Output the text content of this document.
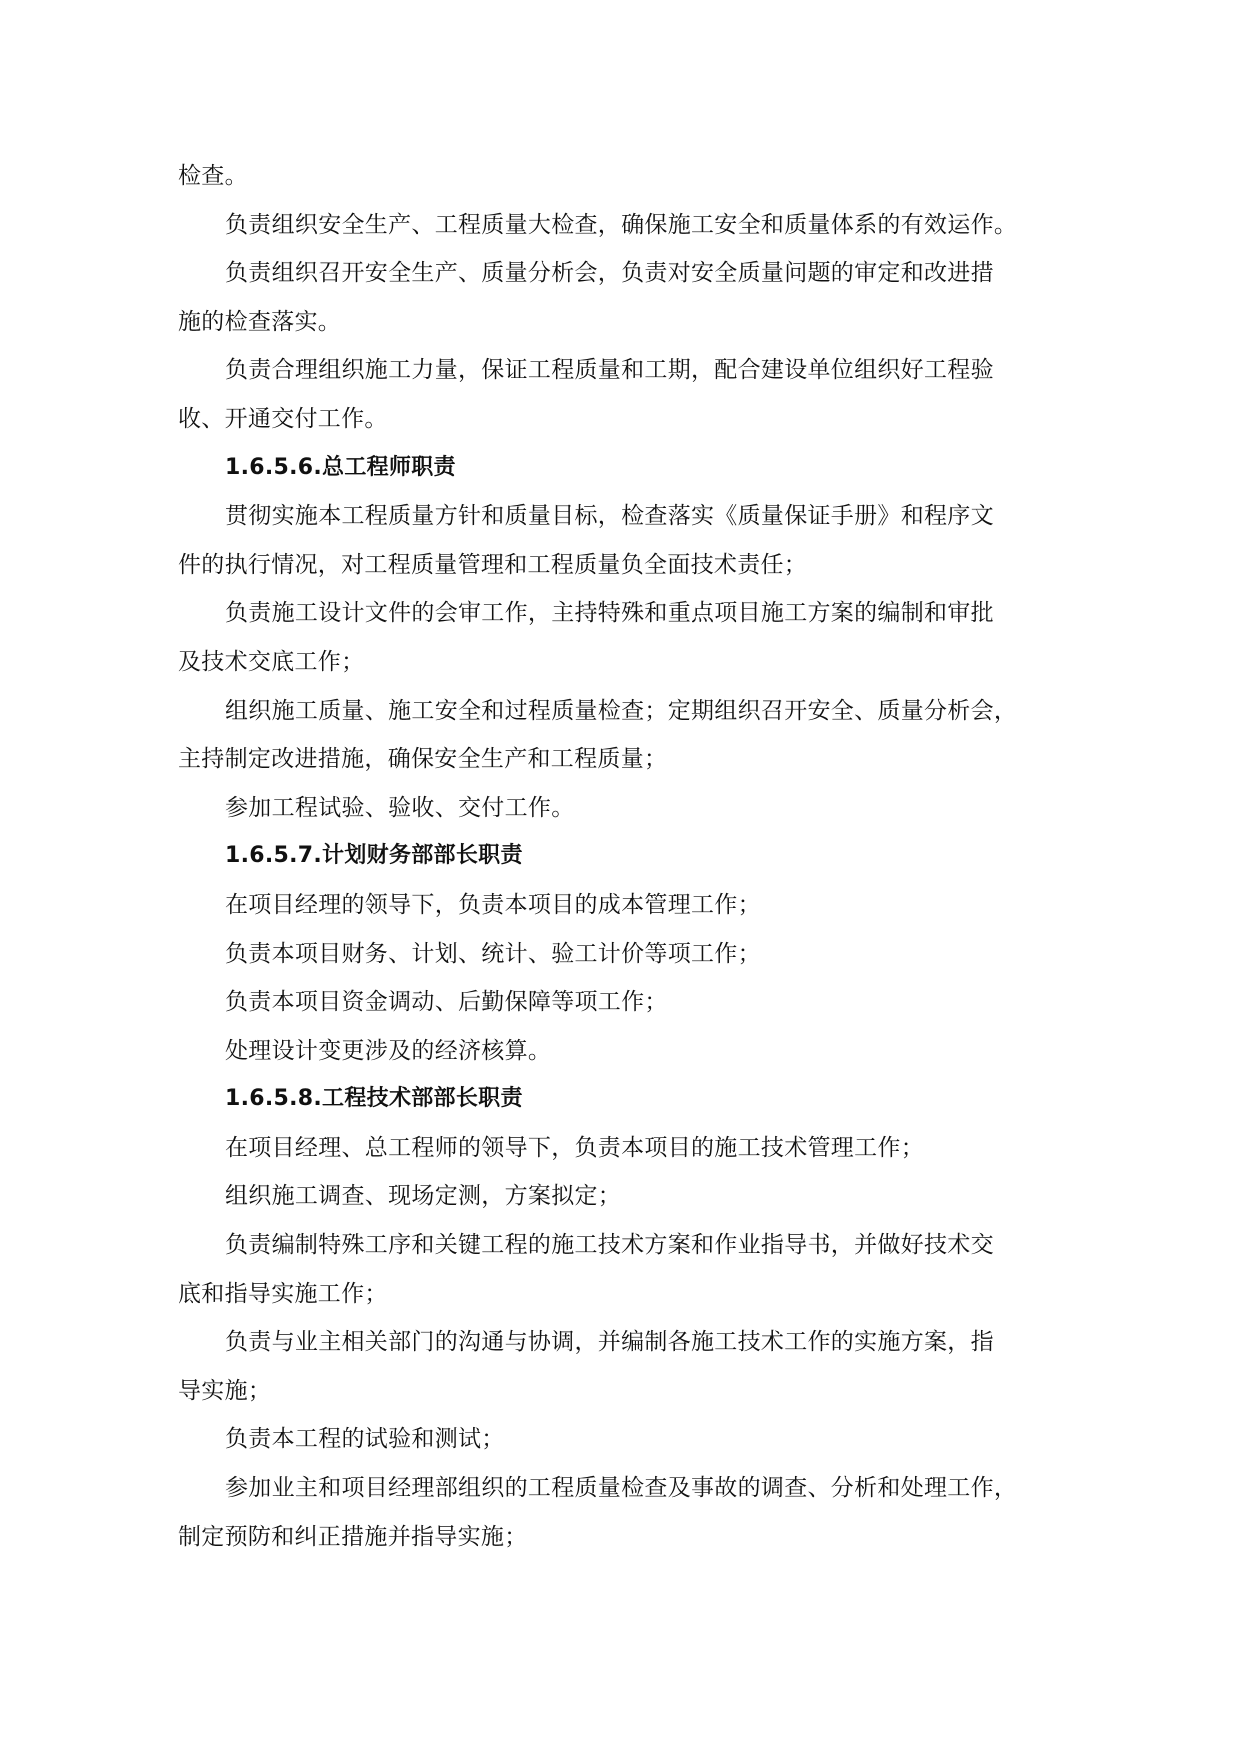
检查。
负责组织安全生产、工程质量大检查，确保施工安全和质量体系的有效运作。
负责组织召开安全生产、质量分析会，负责对安全质量问题的审定和改进措
施的检查落实。
负责合理组织施工力量，保证工程质量和工期，配合建设单位组织好工程验
收、开通交付工作。
1.6.5.6.总工程师职责
贯彻实施本工程质量方针和质量目标，检查落实《质量保证手册》和程序文
件的执行情况，对工程质量管理和工程质量负全面技术责任；
负责施工设计文件的会审工作，主持特殊和重点项目施工方案的编制和审批
及技术交底工作；
组织施工质量、施工安全和过程质量检查；定期组织召开安全、质量分析会，
主持制定改进措施，确保安全生产和工程质量；
参加工程试验、验收、交付工作。
1.6.5.7.计划财务部部长职责
在项目经理的领导下，负责本项目的成本管理工作；
负责本项目财务、计划、统计、验工计价等项工作；
负责本项目资金调动、后勤保障等项工作；
处理设计变更涉及的经济核算。
1.6.5.8.工程技术部部长职责
在项目经理、总工程师的领导下，负责本项目的施工技术管理工作；
组织施工调查、现场定测，方案拟定；
负责编制特殊工序和关键工程的施工技术方案和作业指导书，并做好技术交
底和指导实施工作；
负责与业主相关部门的沟通与协调，并编制各施工技术工作的实施方案，指
导实施；
负责本工程的试验和测试；
参加业主和项目经理部组织的工程质量检查及事故的调查、分析和处理工作，
制定预防和纠正措施并指导实施；
